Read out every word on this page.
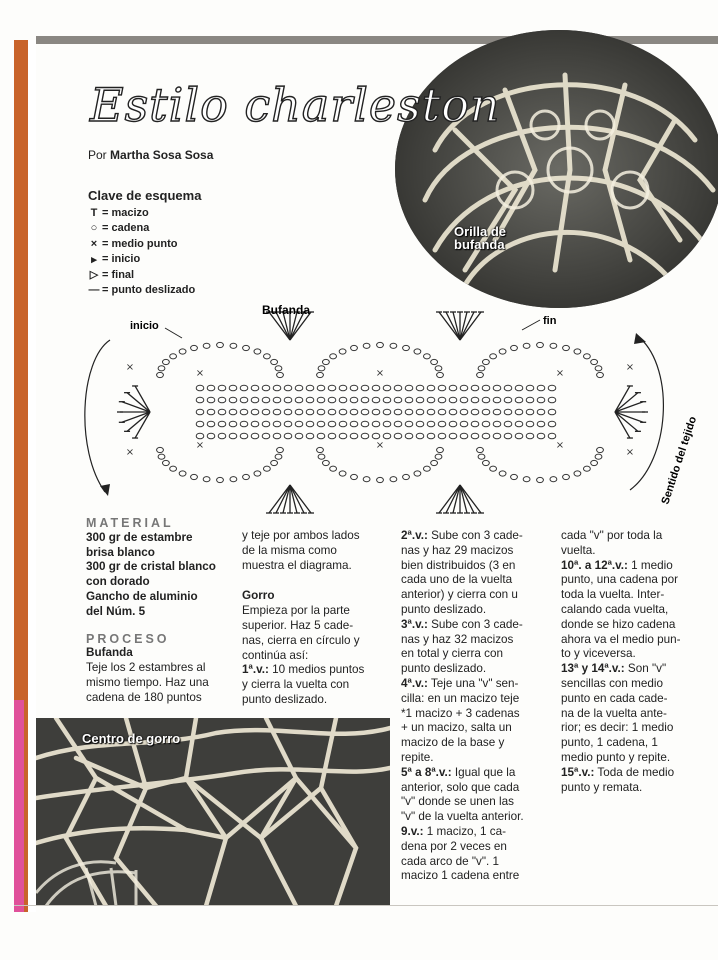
Orilla de
bufanda
Estilo charleston
Por Martha Sosa Sosa
Clave de esquema
T = macizo
○ = cadena
× = medio punto
▸ = inicio
▷ = final
— = punto deslizado
×	×
×	×
×
×
×
×
×
×
Bufanda
inicio	fin
Sentido del tejido

MATERIAL

300 gr de estambre

brisa blanco

300 gr de cristal blanco

con dorado

Gancho de aluminio

del Núm. 5

PROCESO

Bufanda

Teje los 2 estambres al

mismo tiempo. Haz una

cadena de 180 puntos

y teje por ambos lados

de la misma como

muestra el diagrama.

Gorro

Empieza por la parte

superior. Haz 5 cade-

nas, cierra en círculo y

continúa así:

1ª.v.: 10 medios puntos

y cierra la vuelta con

punto deslizado.

2ª.v.: Sube con 3 cade-

nas y haz 29 macizos

bien distribuidos (3 en

cada uno de la vuelta

anterior) y cierra con u

punto deslizado.

3ª.v.: Sube con 3 cade-

nas y haz 32 macizos

en total y cierra con

punto deslizado.

4ª.v.: Teje una "v" sen-

cilla: en un macizo teje

*1 macizo + 3 cadenas

+ un macizo, salta un

macizo de la base y

repite.

5ª a 8ª.v.: Igual que la

anterior, solo que cada

"v" donde se unen las

"v" de la vuelta anterior.

9.v.: 1 macizo, 1 ca-

dena por 2 veces en

cada arco de "v". 1

macizo 1 cadena entre

cada "v" por toda la

vuelta.

10ª. a 12ª.v.: 1 medio

punto, una cadena por

toda la vuelta. Inter-

calando cada vuelta,

donde se hizo cadena

ahora va el medio pun-

to y viceversa.

13ª y 14ª.v.: Son "v"

sencillas con medio

punto en cada cade-

na de la vuelta ante-

rior; es decir: 1 medio

punto, 1 cadena, 1

medio punto y repite.

15ª.v.: Toda de medio

punto y remata.

Centro de gorro
